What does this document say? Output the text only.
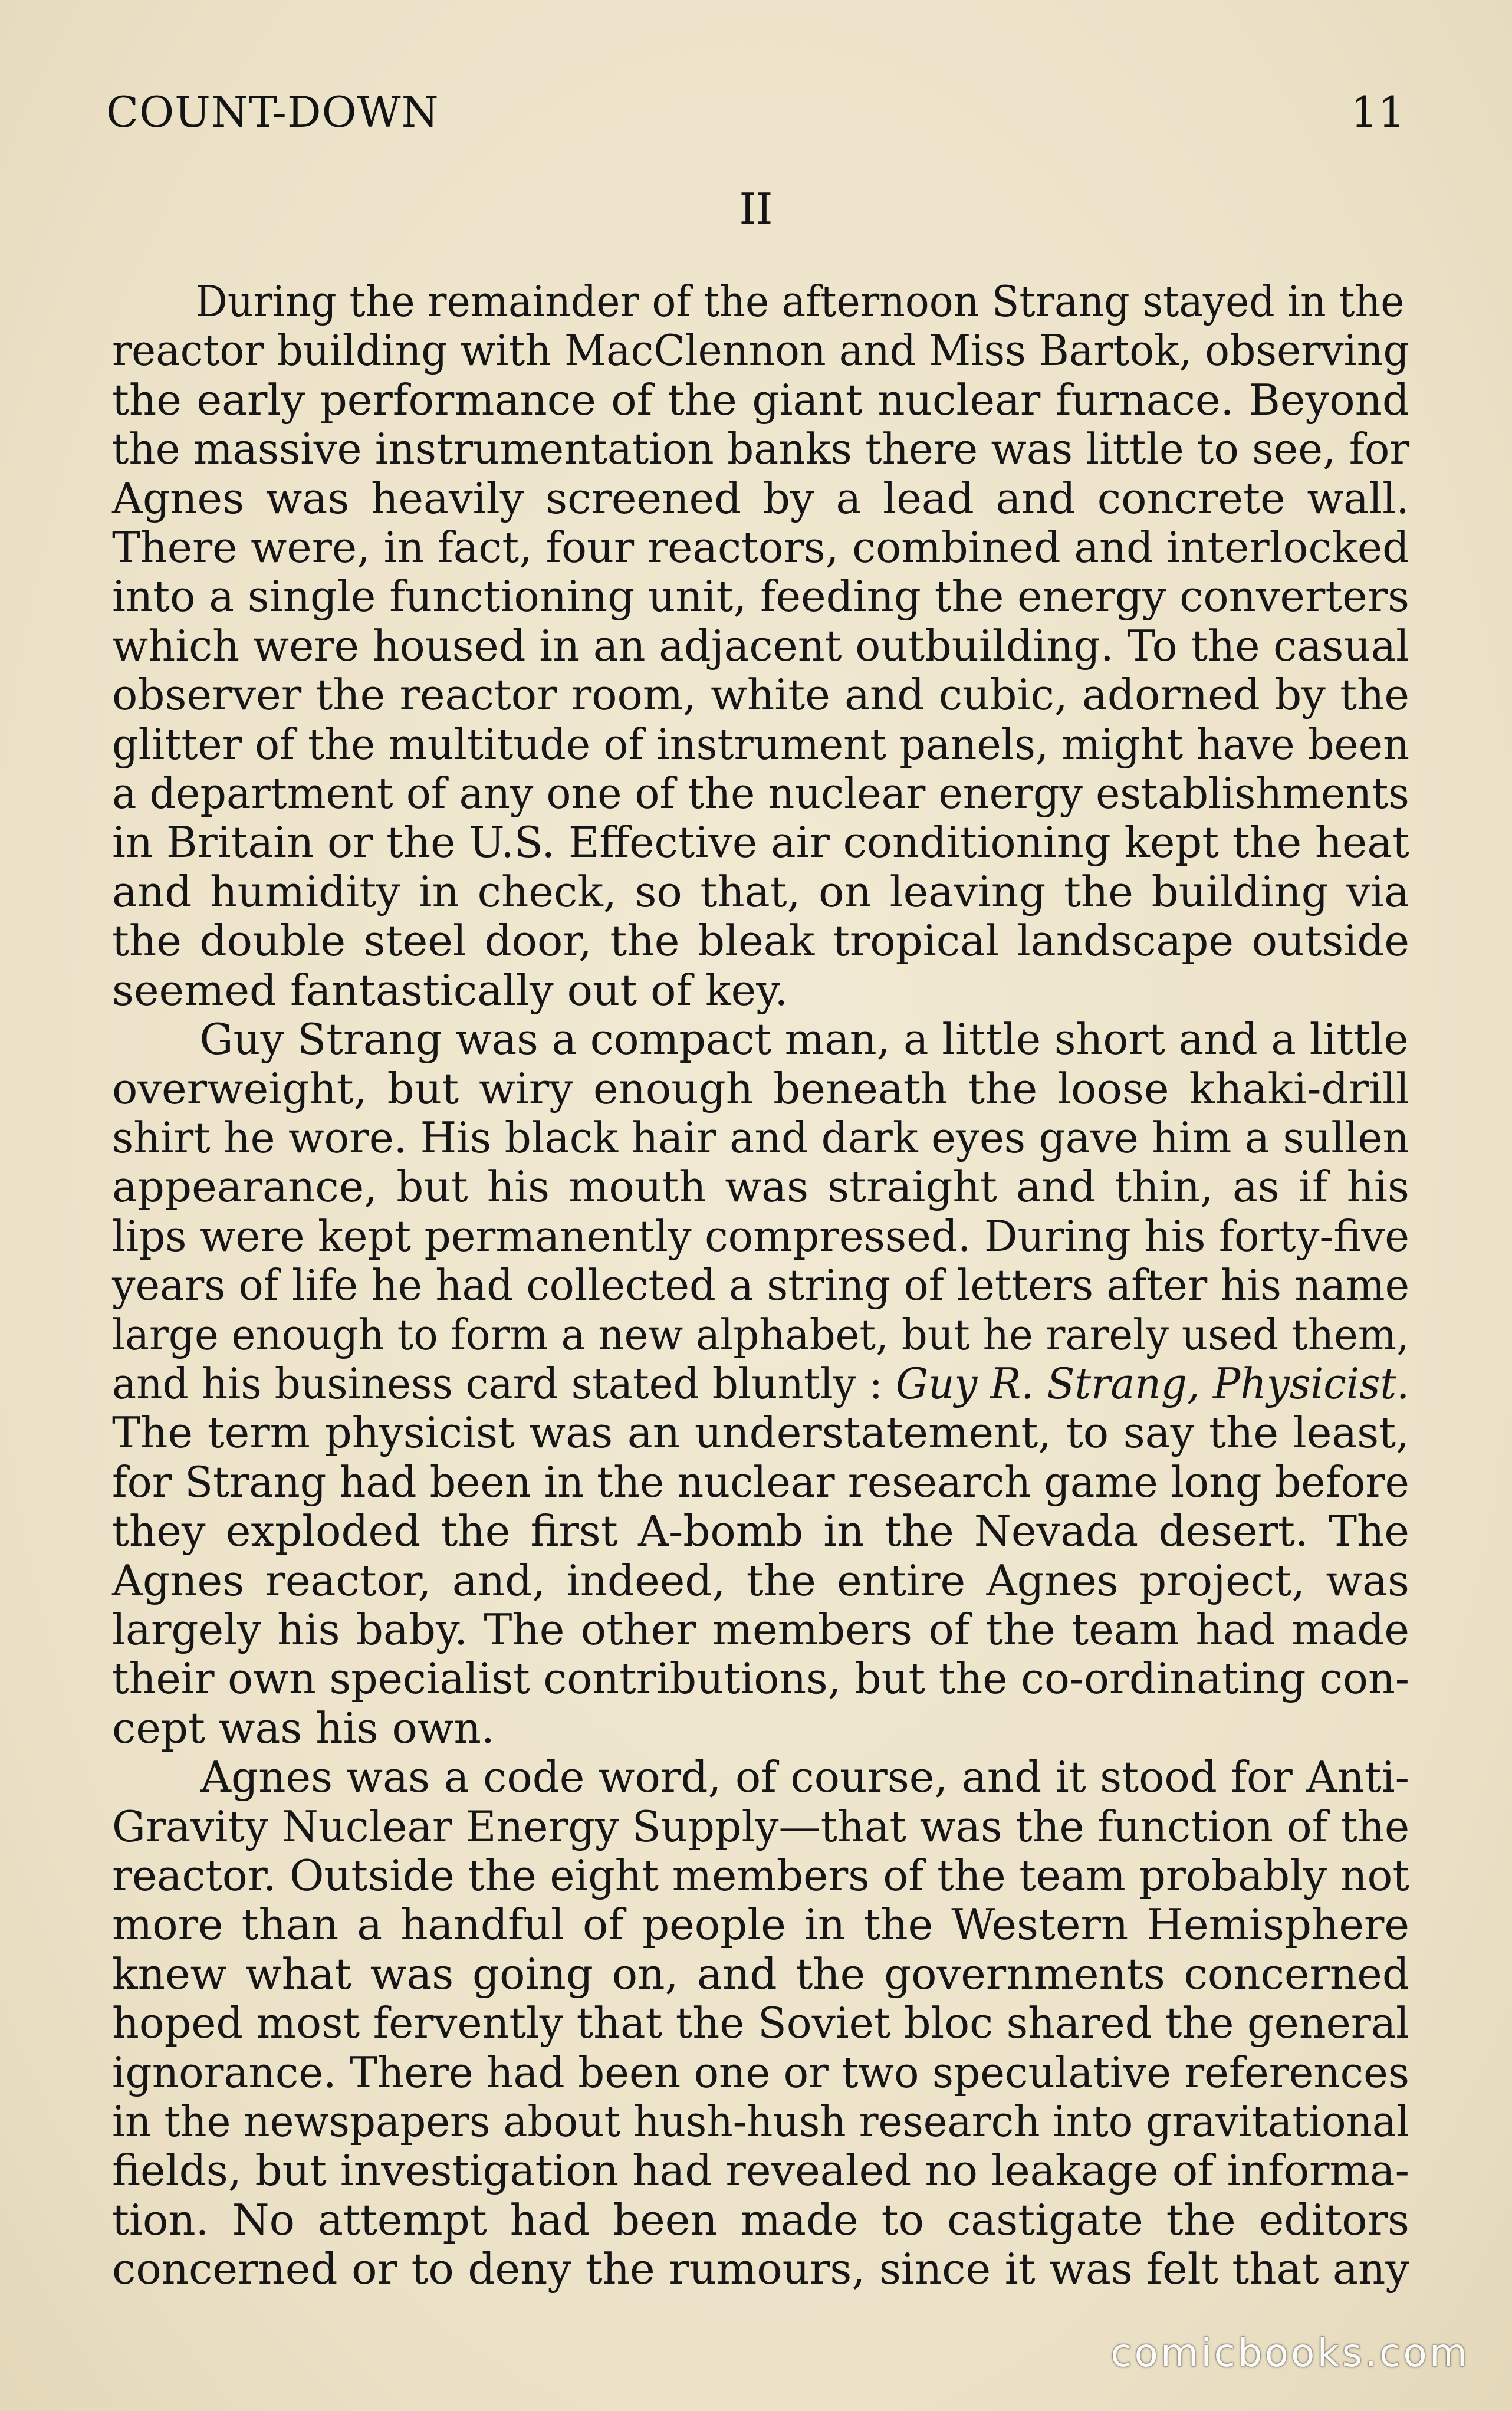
COUNT-DOWN	11
II
During the remainder of the afternoon Strang stayed in the
reactor building with MacClennon and Miss Bartok, observing
the early performance of the giant nuclear furnace. Beyond
the massive instrumentation banks there was little to see, for
Agnes was heavily screened by a lead and concrete wall.
There were, in fact, four reactors, combined and interlocked
into a single functioning unit, feeding the energy converters
which were housed in an adjacent outbuilding. To the casual
observer the reactor room, white and cubic, adorned by the
glitter of the multitude of instrument panels, might have been
a department of any one of the nuclear energy establishments
in Britain or the U.S. Effective air conditioning kept the heat
and humidity in check, so that, on leaving the building via
the double steel door, the bleak tropical landscape outside
seemed fantastically out of key.
Guy Strang was a compact man, a little short and a little
overweight, but wiry enough beneath the loose khaki-drill
shirt he wore. His black hair and dark eyes gave him a sullen
appearance, but his mouth was straight and thin, as if his
lips were kept permanently compressed. During his forty-five
years of life he had collected a string of letters after his name
large enough to form a new alphabet, but he rarely used them,
and his business card stated bluntly : Guy R. Strang, Physicist.
The term physicist was an understatement, to say the least,
for Strang had been in the nuclear research game long before
they exploded the first A-bomb in the Nevada desert. The
Agnes reactor, and, indeed, the entire Agnes project, was
largely his baby. The other members of the team had made
their own specialist contributions, but the co-ordinating con-
cept was his own.
Agnes was a code word, of course, and it stood for Anti-
Gravity Nuclear Energy Supply—that was the function of the
reactor. Outside the eight members of the team probably not
more than a handful of people in the Western Hemisphere
knew what was going on, and the governments concerned
hoped most fervently that the Soviet bloc shared the general
ignorance. There had been one or two speculative references
in the newspapers about hush-hush research into gravitational
fields, but investigation had revealed no leakage of informa-
tion. No attempt had been made to castigate the editors
concerned or to deny the rumours, since it was felt that any
comicbooks.com
